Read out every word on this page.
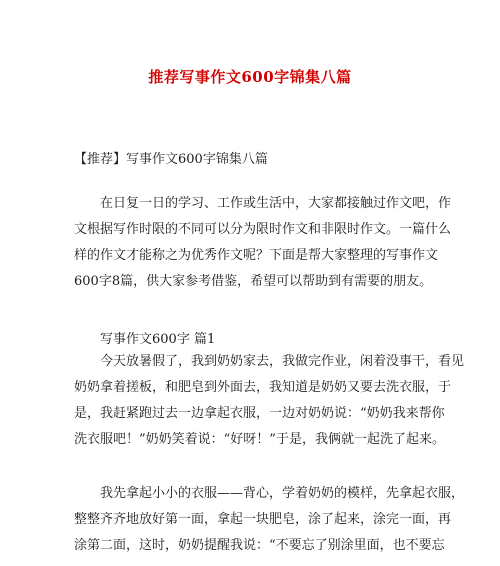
推荐写事作文600字锦集八篇
【推荐】写事作文600字锦集八篇
在日复一日的学习、工作或生活中，大家都接触过作文吧，作
文根据写作时限的不同可以分为限时作文和非限时作文。一篇什么
样的作文才能称之为优秀作文呢？下面是帮大家整理的写事作文
600字8篇，供大家参考借鉴，希望可以帮助到有需要的朋友。
写事作文600字 篇1
今天放暑假了，我到奶奶家去，我做完作业，闲着没事干，看见
奶奶拿着搓板，和肥皂到外面去，我知道是奶奶又要去洗衣服，于
是，我赶紧跑过去一边拿起衣服，一边对奶奶说：“奶奶我来帮你
洗衣服吧！”奶奶笑着说：“好呀！”于是，我俩就一起洗了起来。
我先拿起小小的衣服——背心，学着奶奶的模样，先拿起衣服，
整整齐齐地放好第一面，拿起一块肥皂，涂了起来，涂完一面，再
涂第二面，这时，奶奶提醒我说：“不要忘了别涂里面，也不要忘
